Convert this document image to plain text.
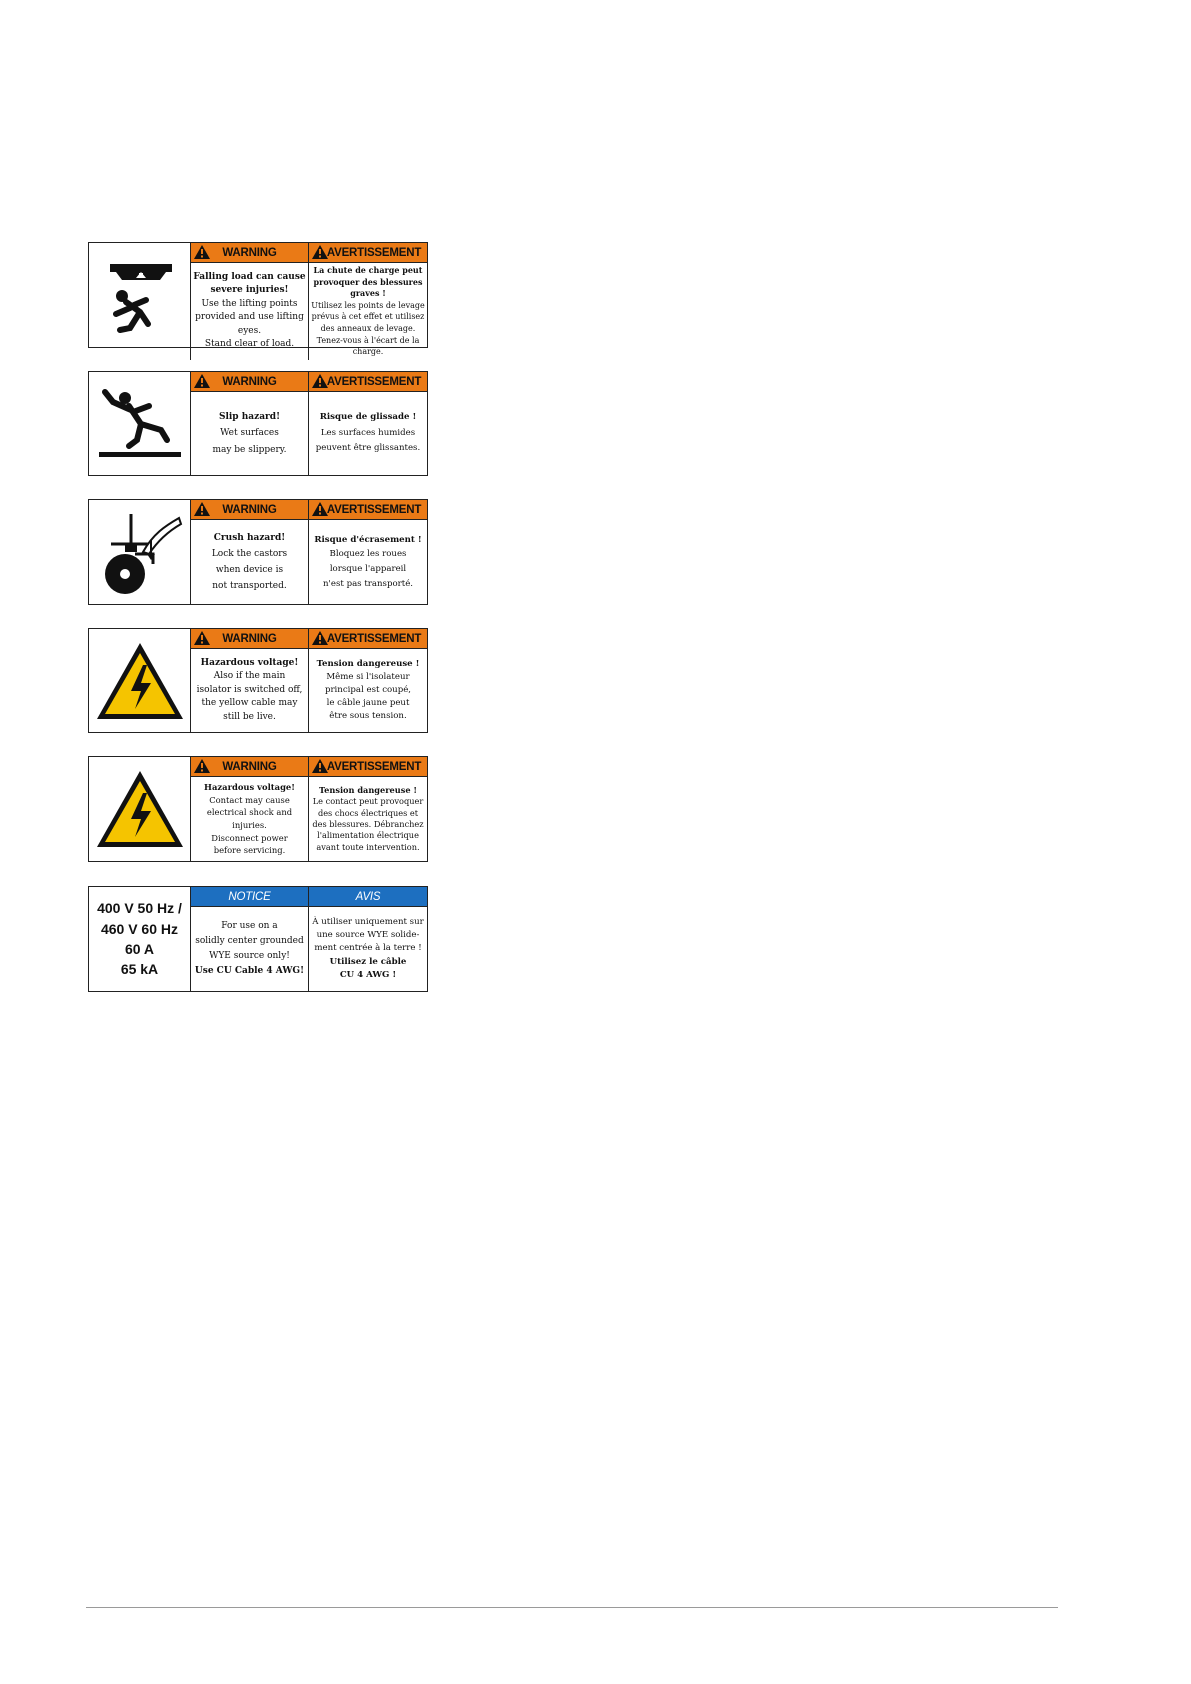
WARNING
Falling load can cause
severe injuries!
Use the lifting points
provided and use lifting eyes.
Stand clear of load.
AVERTISSEMENT
La chute de charge peut
provoquer des blessures graves !
Utilisez les points de levage
prévus à cet effet et utilisez
des anneaux de levage.
Tenez-vous à l'écart de la charge.
WARNING
Slip hazard!
Wet surfaces
may be slippery.
AVERTISSEMENT
Risque de glissade !
Les surfaces humides
peuvent être glissantes.
WARNING
Crush hazard!
Lock the castors
when device is
not transported.
AVERTISSEMENT
Risque d'écrasement !
Bloquez les roues
lorsque l'appareil
n'est pas transporté.
WARNING
Hazardous voltage!
Also if the main
isolator is switched off,
the yellow cable may
still be live.
AVERTISSEMENT
Tension dangereuse !
Même si l'isolateur
principal est coupé,
le câble jaune peut
être sous tension.
WARNING
Hazardous voltage!
Contact may cause
electrical shock and injuries.
Disconnect power
before servicing.
AVERTISSEMENT
Tension dangereuse !
Le contact peut provoquer
des chocs électriques et
des blessures. Débranchez
l'alimentation électrique
avant toute intervention.
400 V 50 Hz /
460 V 60 Hz
60 A
65 kA
NOTICE
For use on a
solidly center grounded
WYE source only!
Use CU Cable 4 AWG!
AVIS
À utiliser uniquement sur
une source WYE solide-
ment centrée à la terre !
Utilisez le câble
CU 4 AWG !
